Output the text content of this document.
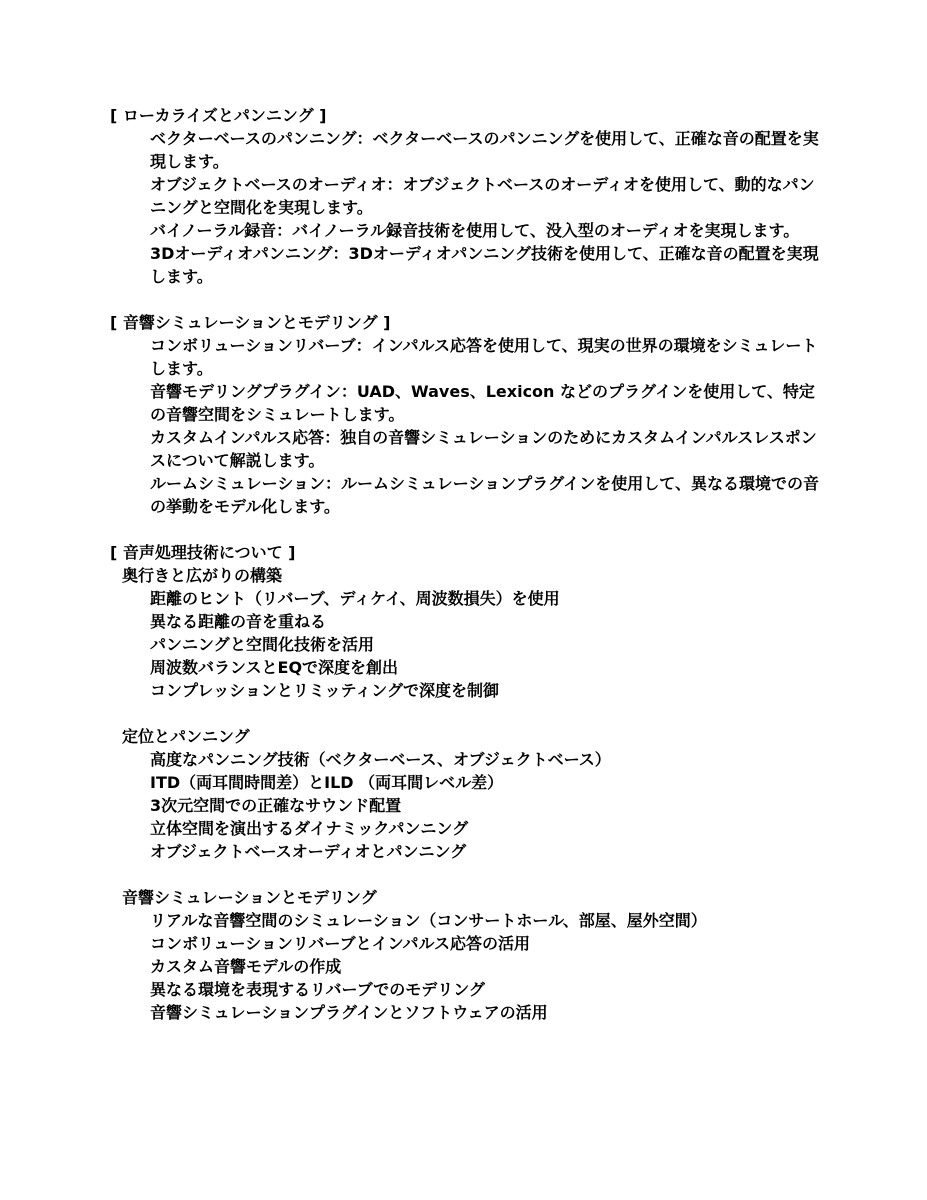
[ ローカライズとパンニング ]

ベクターベースのパンニング：ベクターベースのパンニングを使用して、正確な音の配置を実現します。

オブジェクトベースのオーディオ：オブジェクトベースのオーディオを使用して、動的なパンニングと空間化を実現します。

バイノーラル録音：バイノーラル録音技術を使用して、没入型のオーディオを実現します。

3Dオーディオパンニング：3Dオーディオパンニング技術を使用して、正確な音の配置を実現します。

[ 音響シミュレーションとモデリング ]

コンボリューションリバーブ：インパルス応答を使用して、現実の世界の環境をシミュレートします。

音響モデリングプラグイン：UAD、Waves、Lexicon などのプラグインを使用して、特定の音響空間をシミュレートします。

カスタムインパルス応答：独自の音響シミュレーションのためにカスタムインパルスレスポンスについて解説します。

ルームシミュレーション：ルームシミュレーションプラグインを使用して、異なる環境での音の挙動をモデル化します。

[ 音声処理技術について ]

奥行きと広がりの構築

距離のヒント（リバーブ、ディケイ、周波数損失）を使用

異なる距離の音を重ねる

パンニングと空間化技術を活用

周波数バランスとEQで深度を創出

コンプレッションとリミッティングで深度を制御

定位とパンニング

高度なパンニング技術（ベクターベース、オブジェクトベース）

ITD（両耳間時間差）とILD （両耳間レベル差）

3次元空間での正確なサウンド配置

立体空間を演出するダイナミックパンニング

オブジェクトベースオーディオとパンニング

音響シミュレーションとモデリング

リアルな音響空間のシミュレーション（コンサートホール、部屋、屋外空間）

コンボリューションリバーブとインパルス応答の活用

カスタム音響モデルの作成

異なる環境を表現するリバーブでのモデリング

音響シミュレーションプラグインとソフトウェアの活用
